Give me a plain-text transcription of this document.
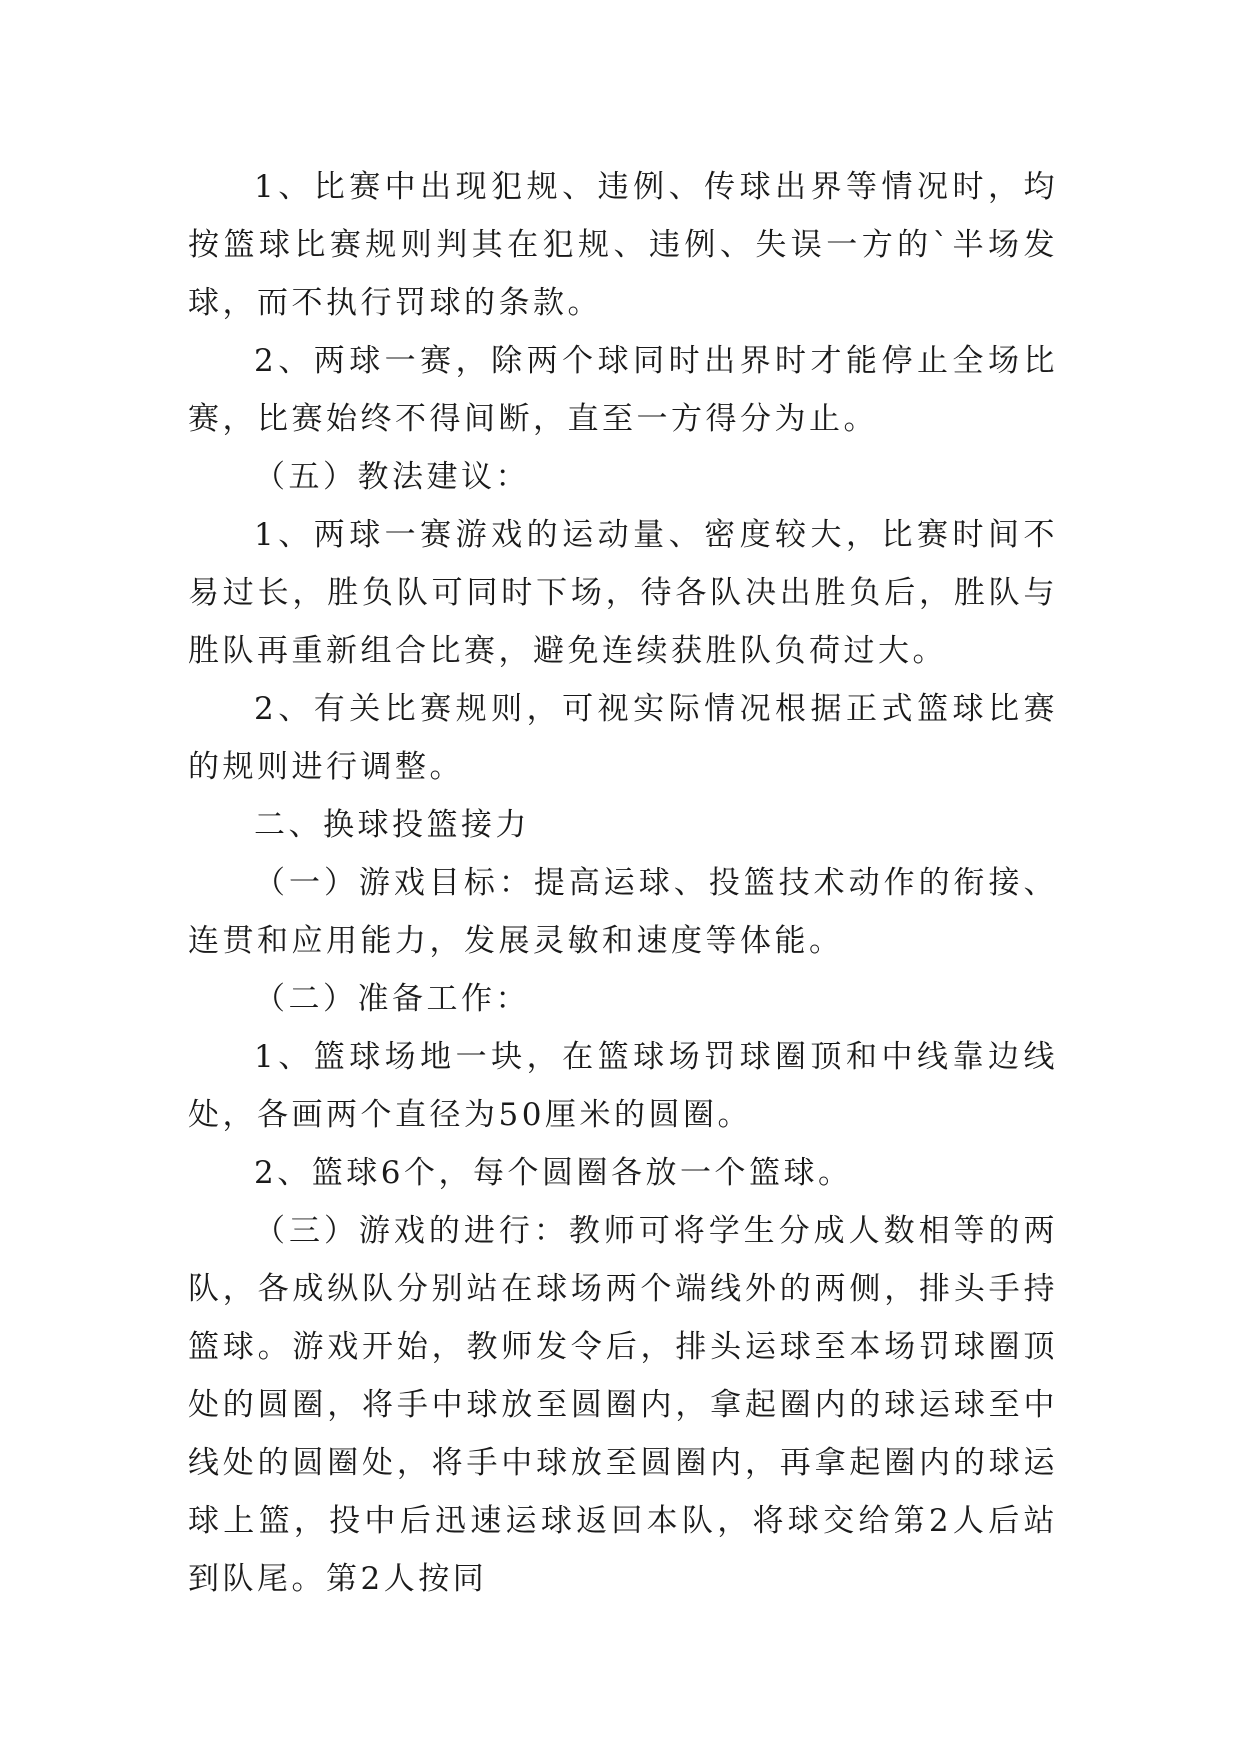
1、比赛中出现犯规、违例、传球出界等情况时，均按篮球比赛规则判其在犯规、违例、失误一方的`半场发球，而不执行罚球的条款。

2、两球一赛，除两个球同时出界时才能停止全场比赛，比赛始终不得间断，直至一方得分为止。

（五）教法建议：

1、两球一赛游戏的运动量、密度较大，比赛时间不易过长，胜负队可同时下场，待各队决出胜负后，胜队与胜队再重新组合比赛，避免连续获胜队负荷过大。

2、有关比赛规则，可视实际情况根据正式篮球比赛的规则进行调整。

二、换球投篮接力

（一）游戏目标：提高运球、投篮技术动作的衔接、连贯和应用能力，发展灵敏和速度等体能。

（二）准备工作：

1、篮球场地一块，在篮球场罚球圈顶和中线靠边线处，各画两个直径为50厘米的圆圈。

2、篮球6个，每个圆圈各放一个篮球。

（三）游戏的进行：教师可将学生分成人数相等的两队，各成纵队分别站在球场两个端线外的两侧，排头手持篮球。游戏开始，教师发令后，排头运球至本场罚球圈顶处的圆圈，将手中球放至圆圈内，拿起圈内的球运球至中线处的圆圈处，将手中球放至圆圈内，再拿起圈内的球运球上篮，投中后迅速运球返回本队，将球交给第2人后站到队尾。第2人按同
